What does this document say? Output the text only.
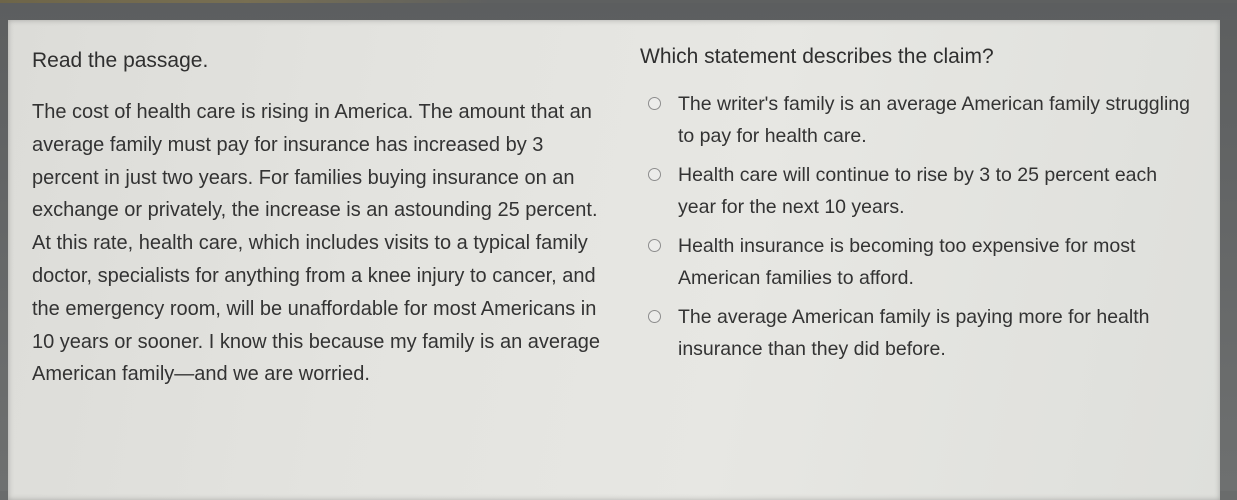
Read the passage.

The cost of health care is rising in America. The amount that an average family must pay for insurance has increased by 3 percent in just two years. For families buying insurance on an exchange or privately, the increase is an astounding 25 percent. At this rate, health care, which includes visits to a typical family doctor, specialists for anything from a knee injury to cancer, and the emergency room, will be unaffordable for most Americans in 10 years or sooner. I know this because my family is an average American family—and we are worried.

Which statement describes the claim?
The writer's family is an average American family struggling to pay for health care.
Health care will continue to rise by 3 to 25 percent each year for the next 10 years.
Health insurance is becoming too expensive for most American families to afford.
The average American family is paying more for health insurance than they did before.
